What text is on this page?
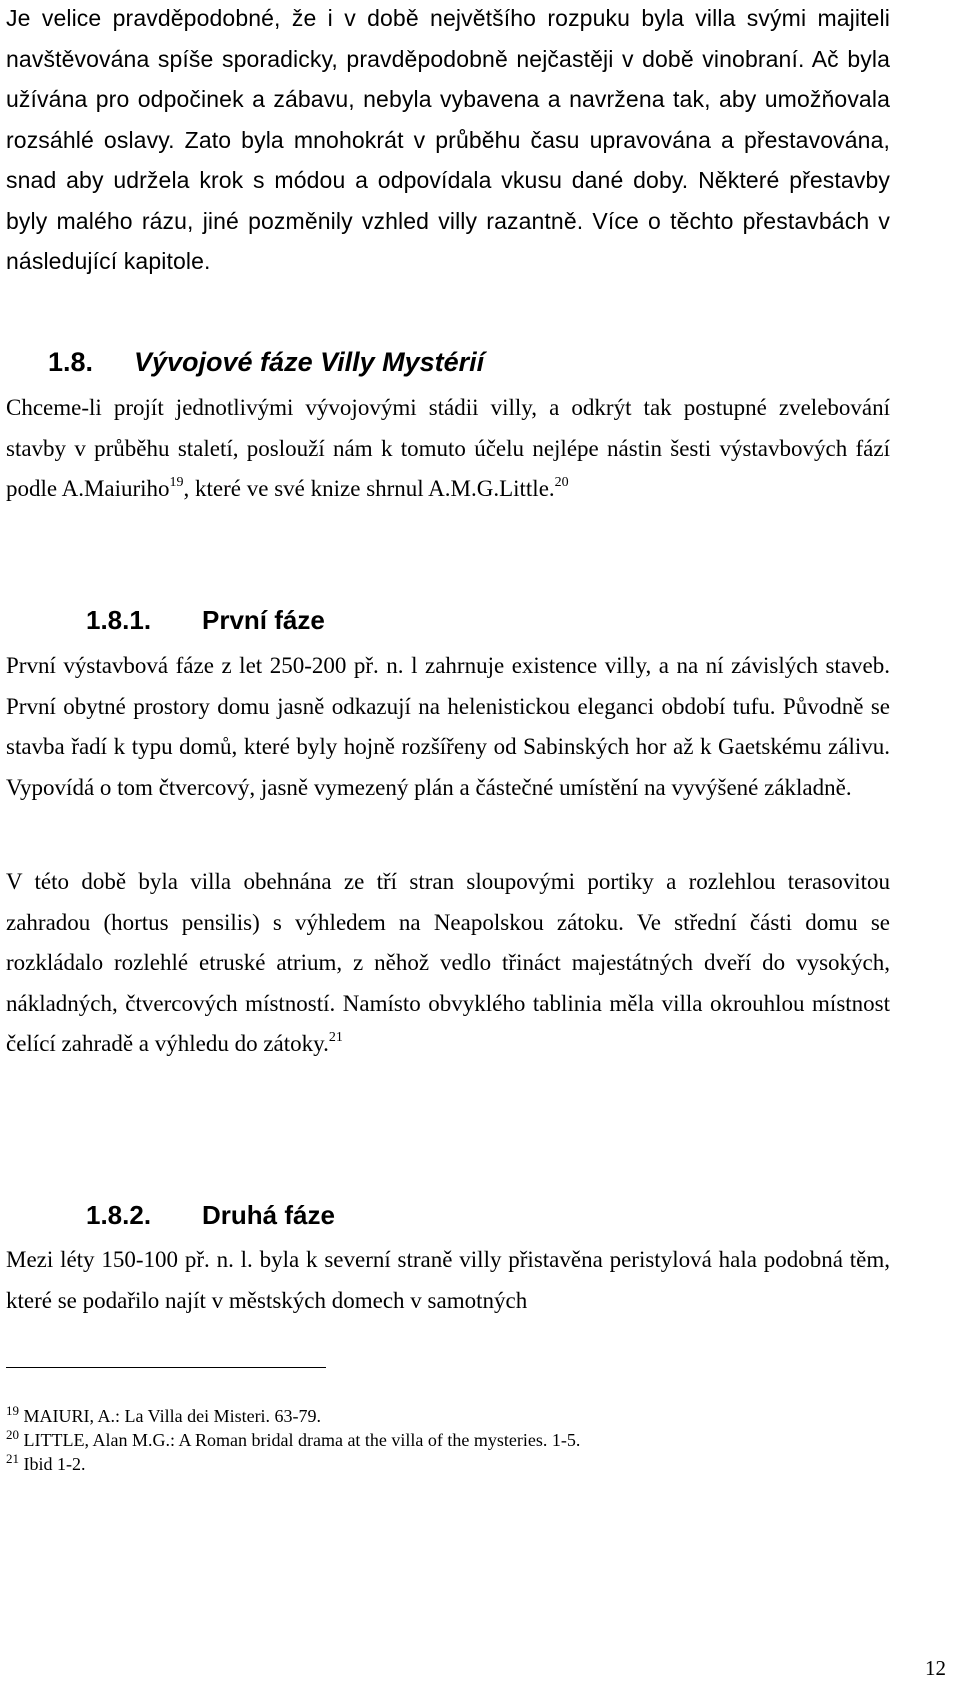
Je velice pravděpodobné, že i v době největšího rozpuku byla villa svými majiteli navštěvována spíše sporadicky, pravděpodobně nejčastěji v době vinobraní. Ač byla užívána pro odpočinek a zábavu, nebyla vybavena a navržena tak, aby umožňovala rozsáhlé oslavy. Zato byla mnohokrát v průběhu času upravována a přestavována, snad aby udržela krok s módou a odpovídala vkusu dané doby. Některé přestavby byly malého rázu, jiné pozměnily vzhled villy razantně. Více o těchto přestavbách v následující kapitole.

1.8. Vývojové fáze Villy Mystérií

Chceme-li projít jednotlivými vývojovými stádii villy, a odkrýt tak postupné zvelebování stavby v průběhu staletí, poslouží nám k tomuto účelu nejlépe nástin šesti výstavbových fází podle A.Maiuriho$^{19}$, které ve své knize shrnul A.M.G.Little.$^{20}$

1.8.1. První fáze

První výstavbová fáze z let 250-200 př. n. l zahrnuje existence villy, a na ní závislých staveb. První obytné prostory domu jasně odkazují na helenistickou eleganci období tufu. Původně se stavba řadí k typu domů, které byly hojně rozšířeny od Sabinských hor až k Gaetskému zálivu. Vypovídá o tom čtvercový, jasně vymezený plán a částečné umístění na vyvýšené základně.

V této době byla villa obehnána ze tří stran sloupovými portiky a rozlehlou terasovitou zahradou (hortus pensilis) s výhledem na Neapolskou zátoku. Ve střední části domu se rozkládalo rozlehlé etruské atrium, z něhož vedlo třináct majestátných dveří do vysokých, nákladných, čtvercových místností. Namísto obvyklého tablinia měla villa okrouhlou místnost čelící zahradě a výhledu do zátoky.$^{21}$

1.8.2. Druhá fáze

Mezi léty 150-100 př. n. l. byla k severní straně villy přistavěna peristylová hala podobná těm, které se podařilo najít v městských domech v samotných

$^{19}$ MAIURI, A.: La Villa dei Misteri. 63-79.
$^{20}$ LITTLE, Alan M.G.: A Roman bridal drama at the villa of the mysteries. 1-5.
$^{21}$ Ibid 1-2.
12
